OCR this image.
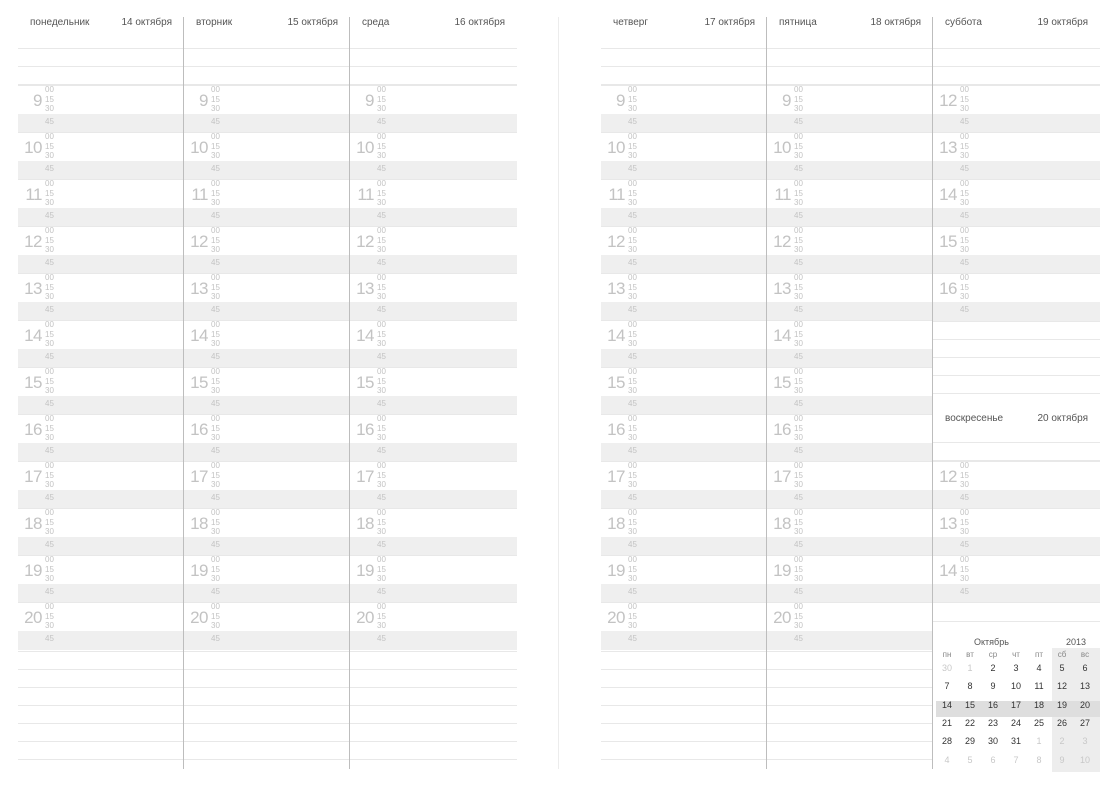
понедельник	14 октября
9
00
15
30
45
10
00
15
30
45
11
00
15
30
45
12
00
15
30
45
13
00
15
30
45
14
00
15
30
45
15
00
15
30
45
16
00
15
30
45
17
00
15
30
45
18
00
15
30
45
19
00
15
30
45
20
00
15
30
45
вторник	15 октября
9
00
15
30
45
10
00
15
30
45
11
00
15
30
45
12
00
15
30
45
13
00
15
30
45
14
00
15
30
45
15
00
15
30
45
16
00
15
30
45
17
00
15
30
45
18
00
15
30
45
19
00
15
30
45
20
00
15
30
45
среда	16 октября
9
00
15
30
45
10
00
15
30
45
11
00
15
30
45
12
00
15
30
45
13
00
15
30
45
14
00
15
30
45
15
00
15
30
45
16
00
15
30
45
17
00
15
30
45
18
00
15
30
45
19
00
15
30
45
20
00
15
30
45
четверг	17 октября
9
00
15
30
45
10
00
15
30
45
11
00
15
30
45
12
00
15
30
45
13
00
15
30
45
14
00
15
30
45
15
00
15
30
45
16
00
15
30
45
17
00
15
30
45
18
00
15
30
45
19
00
15
30
45
20
00
15
30
45
пятница	18 октября
9
00
15
30
45
10
00
15
30
45
11
00
15
30
45
12
00
15
30
45
13
00
15
30
45
14
00
15
30
45
15
00
15
30
45
16
00
15
30
45
17
00
15
30
45
18
00
15
30
45
19
00
15
30
45
20
00
15
30
45
суббота	19 октября
12
00
15
30
45
13
00
15
30
45
14
00
15
30
45
15
00
15
30
45
16
00
15
30
45
воскресенье	20 октября
12
00
15
30
45
13
00
15
30
45
14
00
15
30
45
Октябрь	2013
пн	вт	ср	чт	пт	сб	вс
30	1	2	3	4	5	6
7	8	9	10	11	12	13
14	15	16	17	18	19	20
21	22	23	24	25	26	27
28	29	30	31	1	2	3
4	5	6	7	8	9	10
